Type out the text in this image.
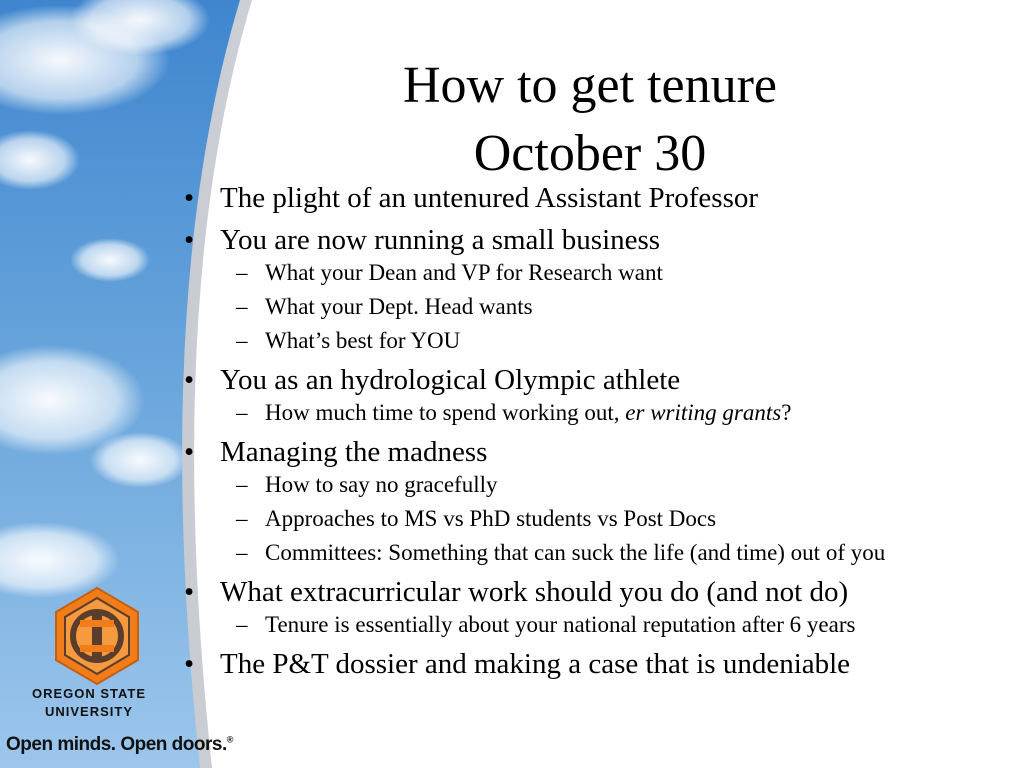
How to get tenure
October 30
• The plight of an untenured Assistant Professor
• You are now running a small business
– What your Dean and VP for Research want
– What your Dept. Head wants
– What’s best for YOU
• You as an hydrological Olympic athlete
– How much time to spend working out, er writing grants?
• Managing the madness
– How to say no gracefully
– Approaches to MS vs PhD students vs Post Docs
– Committees: Something that can suck the life (and time) out of you
• What extracurricular work should you do (and not do)
– Tenure is essentially about your national reputation after 6 years
• The P&T dossier and making a case that is undeniable
OREGON STATE
UNIVERSITY
Open minds. Open doors.®
